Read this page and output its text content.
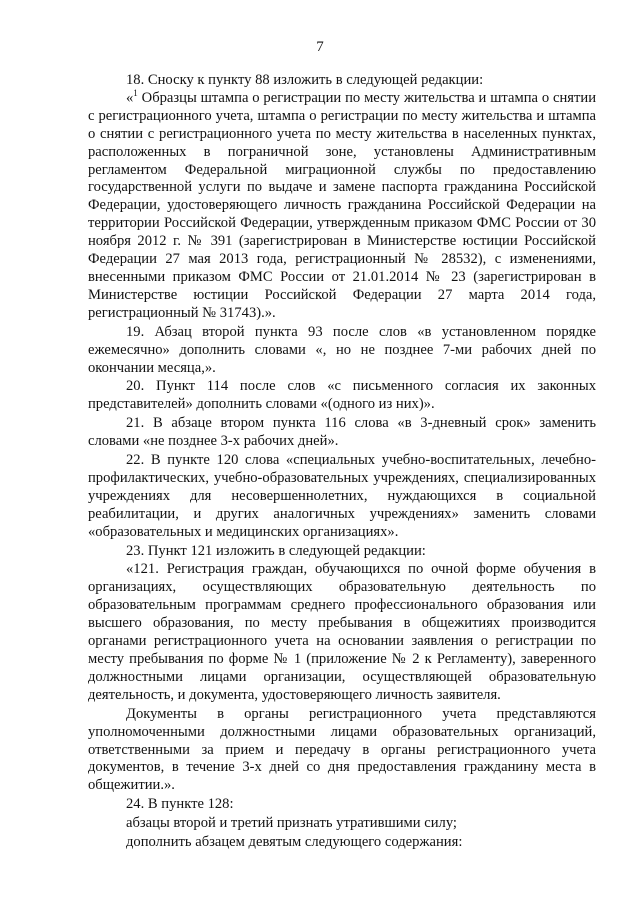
7

18. Сноску к пункту 88 изложить в следующей редакции:

«$^1$ Образцы штампа о регистрации по месту жительства и штампа о снятии с регистрационного учета, штампа о регистрации по месту жительства и штампа о снятии с регистрационного учета по месту жительства в населенных пунктах, расположенных в пограничной зоне, установлены Административным регламентом Федеральной миграционной службы по предоставлению государственной услуги по выдаче и замене паспорта гражданина Российской Федерации, удостоверяющего личность гражданина Российской Федерации на территории Российской Федерации, утвержденным приказом ФМС России от 30 ноября 2012 г. № 391 (зарегистрирован в Министерстве юстиции Российской Федерации 27 мая 2013 года, регистрационный № 28532), с изменениями, внесенными приказом ФМС России от 21.01.2014 № 23 (зарегистрирован в Министерстве юстиции Российской Федерации 27 марта 2014 года, регистрационный № 31743).».

19. Абзац второй пункта 93 после слов «в установленном порядке ежемесячно» дополнить словами «, но не позднее 7-ми рабочих дней по окончании месяца,».

20. Пункт 114 после слов «с письменного согласия их законных представителей» дополнить словами «(одного из них)».

21. В абзаце втором пункта 116 слова «в 3-дневный срок» заменить словами «не позднее 3-х рабочих дней».

22. В пункте 120 слова «специальных учебно-воспитательных, лечебно-профилактических, учебно-образовательных учреждениях, специализированных учреждениях для несовершеннолетних, нуждающихся в социальной реабилитации, и других аналогичных учреждениях» заменить словами «образовательных и медицинских организациях».

23. Пункт 121 изложить в следующей редакции:

«121. Регистрация граждан, обучающихся по очной форме обучения в организациях, осуществляющих образовательную деятельность по образовательным программам среднего профессионального образования или высшего образования, по месту пребывания в общежитиях производится органами регистрационного учета на основании заявления о регистрации по месту пребывания по форме № 1 (приложение № 2 к Регламенту), заверенного должностными лицами организации, осуществляющей образовательную деятельность, и документа, удостоверяющего личность заявителя.

Документы в органы регистрационного учета представляются уполномоченными должностными лицами образовательных организаций, ответственными за прием и передачу в органы регистрационного учета документов, в течение 3-х дней со дня предоставления гражданину места в общежитии.».

24. В пункте 128:

абзацы второй и третий признать утратившими силу;

дополнить абзацем девятым следующего содержания:
